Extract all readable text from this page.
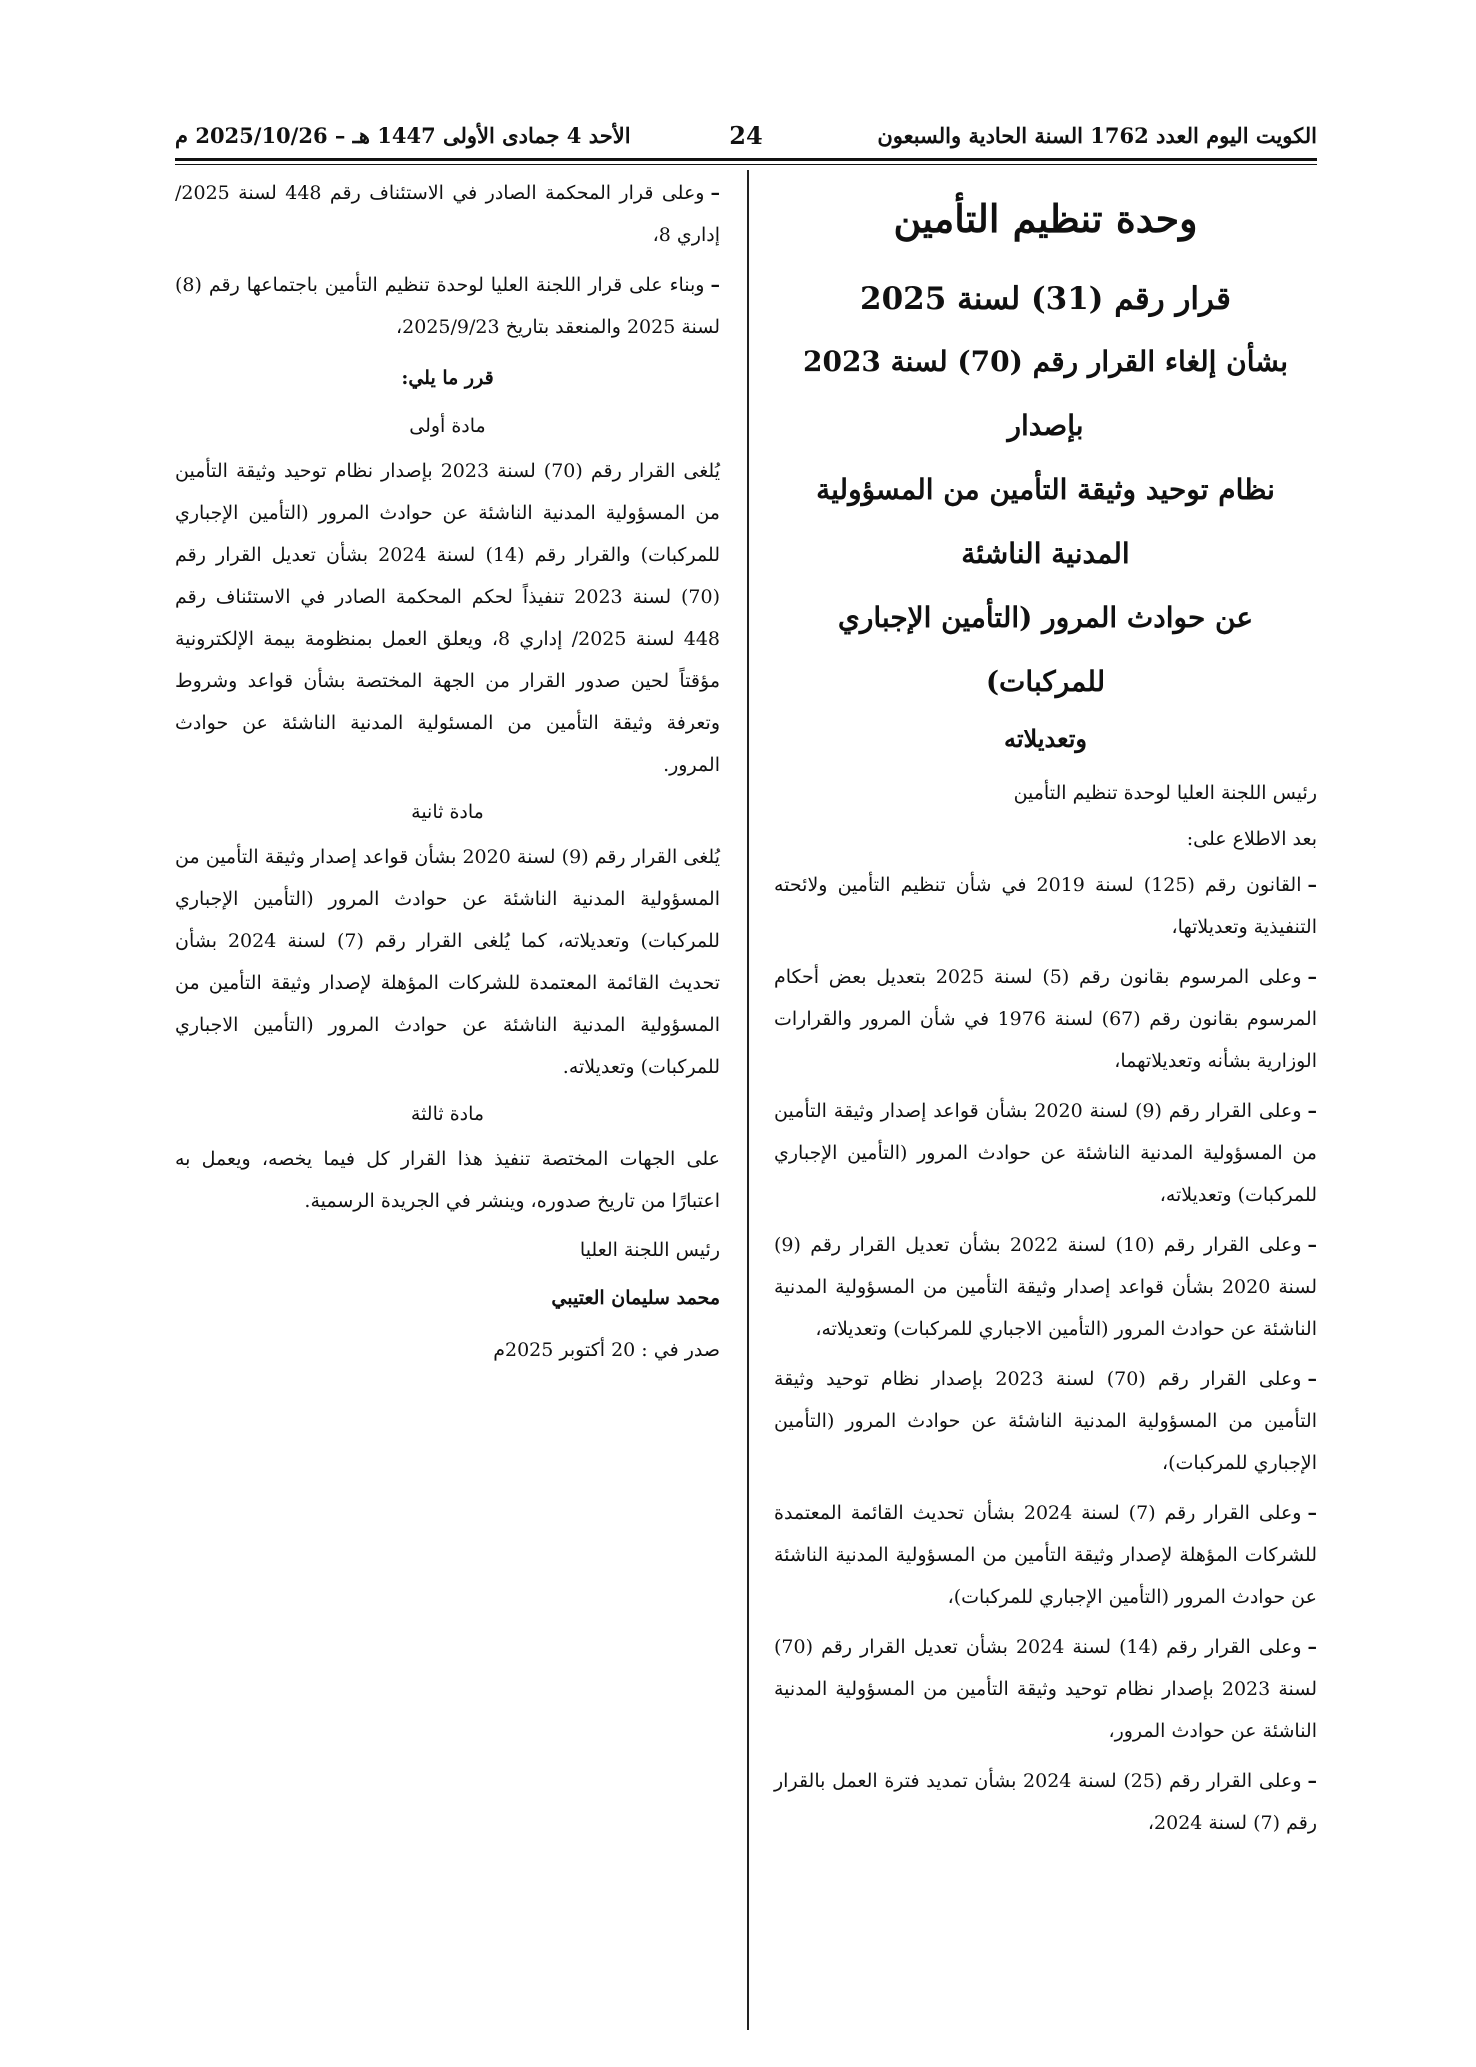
الكويت اليوم العدد 1762 السنة الحادية والسبعون
24
الأحد 4 جمادى الأولى 1447 هـ – 2025/10/26 م
وحدة تنظيم التأمين
قرار رقم (31) لسنة 2025
بشأن إلغاء القرار رقم (70) لسنة 2023 بإصدار
نظام توحيد وثيقة التأمين من المسؤولية المدنية الناشئة
عن حوادث المرور (التأمين الإجباري للمركبات)
وتعديلاته

رئيس اللجنة العليا لوحدة تنظيم التأمين

بعد الاطلاع على:

–القانون رقم (125) لسنة 2019 في شأن تنظيم التأمين ولائحته التنفيذية وتعديلاتها،

–وعلى المرسوم بقانون رقم (5) لسنة 2025 بتعديل بعض أحكام المرسوم بقانون رقم (67) لسنة 1976 في شأن المرور والقرارات الوزارية بشأنه وتعديلاتهما،

–وعلى القرار رقم (9) لسنة 2020 بشأن قواعد إصدار وثيقة التأمين من المسؤولية المدنية الناشئة عن حوادث المرور (التأمين الإجباري للمركبات) وتعديلاته،

–وعلى القرار رقم (10) لسنة 2022 بشأن تعديل القرار رقم (9) لسنة 2020 بشأن قواعد إصدار وثيقة التأمين من المسؤولية المدنية الناشئة عن حوادث المرور (التأمين الاجباري للمركبات) وتعديلاته،

–وعلى القرار رقم (70) لسنة 2023 بإصدار نظام توحيد وثيقة التأمين من المسؤولية المدنية الناشئة عن حوادث المرور (التأمين الإجباري للمركبات)،

–وعلى القرار رقم (7) لسنة 2024 بشأن تحديث القائمة المعتمدة للشركات المؤهلة لإصدار وثيقة التأمين من المسؤولية المدنية الناشئة عن حوادث المرور (التأمين الإجباري للمركبات)،

–وعلى القرار رقم (14) لسنة 2024 بشأن تعديل القرار رقم (70) لسنة 2023 بإصدار نظام توحيد وثيقة التأمين من المسؤولية المدنية الناشئة عن حوادث المرور،

–وعلى القرار رقم (25) لسنة 2024 بشأن تمديد فترة العمل بالقرار رقم (7) لسنة 2024،

–وعلى قرار المحكمة الصادر في الاستئناف رقم 448 لسنة 2025/ إداري 8،

–وبناء على قرار اللجنة العليا لوحدة تنظيم التأمين باجتماعها رقم (8) لسنة 2025 والمنعقد بتاريخ 2025/9/23،

قرر ما يلي:
مادة أولى

يُلغى القرار رقم (70) لسنة 2023 بإصدار نظام توحيد وثيقة التأمين من المسؤولية المدنية الناشئة عن حوادث المرور (التأمين الإجباري للمركبات) والقرار رقم (14) لسنة 2024 بشأن تعديل القرار رقم (70) لسنة 2023 تنفيذاً لحكم المحكمة الصادر في الاستئناف رقم 448 لسنة 2025/ إداري 8، ويعلق العمل بمنظومة بيمة الإلكترونية مؤقتاً لحين صدور القرار من الجهة المختصة بشأن قواعد وشروط وتعرفة وثيقة التأمين من المسئولية المدنية الناشئة عن حوادث المرور.

مادة ثانية

يُلغى القرار رقم (9) لسنة 2020 بشأن قواعد إصدار وثيقة التأمين من المسؤولية المدنية الناشئة عن حوادث المرور (التأمين الإجباري للمركبات) وتعديلاته، كما يُلغى القرار رقم (7) لسنة 2024 بشأن تحديث القائمة المعتمدة للشركات المؤهلة لإصدار وثيقة التأمين من المسؤولية المدنية الناشئة عن حوادث المرور (التأمين الاجباري للمركبات) وتعديلاته.

مادة ثالثة

على الجهات المختصة تنفيذ هذا القرار كل فيما يخصه، ويعمل به اعتبارًا من تاريخ صدوره، وينشر في الجريدة الرسمية.

رئيس اللجنة العليا

محمد سليمان العتيبي

صدر في : 20 أكتوبر 2025م
